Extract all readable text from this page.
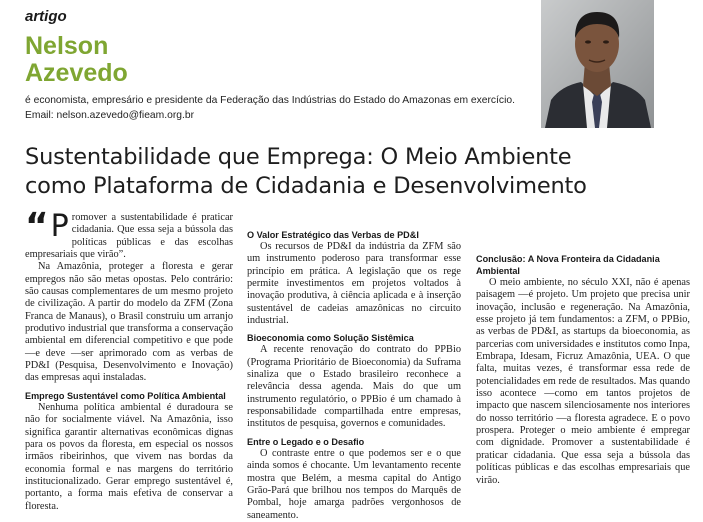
artigo
Nelson
Azevedo
é economista, empresário e presidente da Federação das Indústrias do Estado do Amazonas em exercício. Email: nelson.azevedo@fieam.org.br
Sustentabilidade que Emprega: O Meio Ambiente
como Plataforma de Cidadania e Desenvolvimento

“ P romover a sustentabilidade é praticar cidadania. Que essa seja a bússola das políticas públicas e das escolhas empresariais que virão”.

Na Amazônia, proteger a floresta e gerar empregos não são metas opostas. Pelo contrário: são causas complementares de um mesmo projeto de civilização. A partir do modelo da ZFM (Zona Franca de Manaus), o Brasil construiu um arranjo produtivo industrial que transforma a conservação ambiental em diferencial competitivo e que pode —e deve —ser aprimorado com as verbas de PD&I (Pesquisa, Desenvolvimento e Inovação) das empresas aqui instaladas.

Emprego Sustentável como Política Ambiental

Nenhuma política ambiental é duradoura se não for socialmente viável. Na Amazônia, isso significa garantir alternativas econômicas dignas para os povos da floresta, em especial os nossos irmãos ribeirinhos, que vivem nas bordas da economia formal e nas margens do território institucionalizado. Gerar emprego sustentável é, portanto, a forma mais efetiva de conservar a floresta.

O Valor Estratégico das Verbas de PD&I

Os recursos de PD&I da indústria da ZFM são um instrumento poderoso para transformar esse princípio em prática. A legislação que os rege permite investimentos em projetos voltados à inovação produtiva, à ciência aplicada e à inserção sustentável de cadeias amazônicas no circuito industrial.

Bioeconomia como Solução Sistêmica

A recente renovação do contrato do PPBio (Programa Prioritário de Bioeconomia) da Suframa sinaliza que o Estado brasileiro reconhece a relevância dessa agenda. Mais do que um instrumento regulatório, o PPBio é um chamado à responsabilidade compartilhada entre empresas, institutos de pesquisa, governos e comunidades.

Entre o Legado e o Desafio

O contraste entre o que podemos ser e o que ainda somos é chocante. Um levantamento recente mostra que Belém, a mesma capital do Antigo Grão-Pará que brilhou nos tempos do Marquês de Pombal, hoje amarga padrões vergonhosos de saneamento.

Conclusão: A Nova Fronteira da Cidadania Ambiental

O meio ambiente, no século XXI, não é apenas paisagem —é projeto. Um projeto que precisa unir inovação, inclusão e regeneração. Na Amazônia, esse projeto já tem fundamentos: a ZFM, o PPBio, as verbas de PD&I, as startups da bioeconomia, as parcerias com universidades e institutos como Inpa, Embrapa, Idesam, Ficruz Amazônia, UEA. O que falta, muitas vezes, é transformar essa rede de potencialidades em rede de resultados. Mas quando isso acontece —como em tantos projetos de impacto que nascem silenciosamente nos interiores do nosso território —a floresta agradece. E o povo prospera. Proteger o meio ambiente é empregar com dignidade. Promover a sustentabilidade é praticar cidadania. Que essa seja a bússola das políticas públicas e das escolhas empresariais que virão.
